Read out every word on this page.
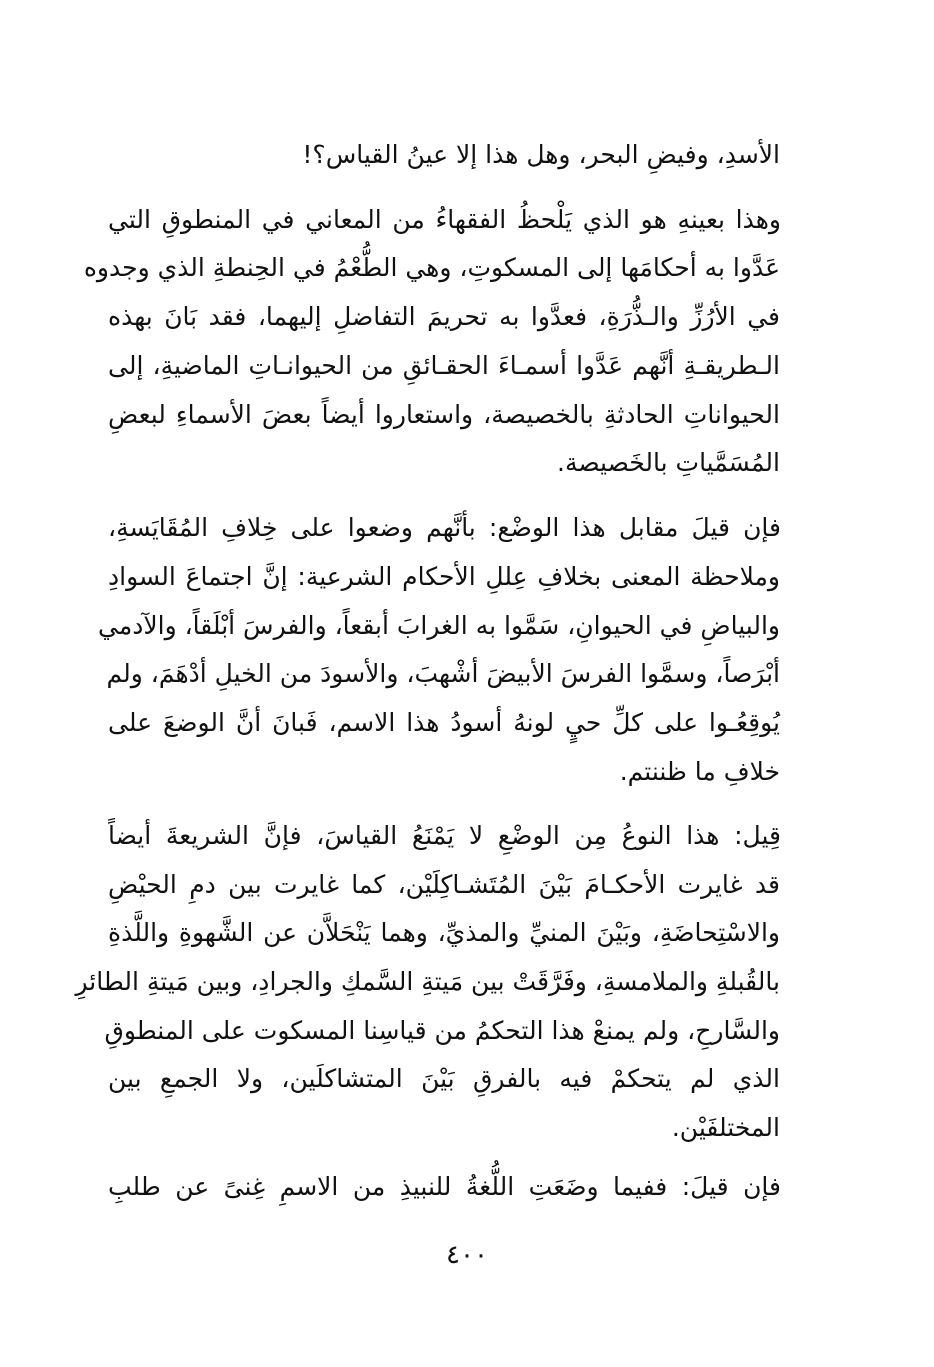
الأسدِ، وفيضِ البحر، وهل هذا إلا عينُ القياس؟!
وهذا بعينهِ هو الذي يَلْحظُ الفقهاءُ من المعاني في المنطوقِ التي
عَدَّوا به أحكامَها إلى المسكوتِ، وهي الطُّعْمُ في الحِنطةِ الذي وجدوه
في الأرُزِّ والـذُّرَةِ، فعدَّوا به تحريمَ التفاضلِ إليهما، فقد بَانَ بهذه
الـطريقـةِ أنَّهم عَدَّوا أسمـاءَ الحقـائقِ من الحيوانـاتِ الماضيةِ، إلى
الحيواناتِ الحادثةِ بالخصيصة، واستعاروا أيضاً بعضَ الأسماءِ لبعضِ
المُسَمَّياتِ بالخَصيصة.
فإن قيلَ مقابل هذا الوضْع: بأنَّهم وضعوا على خِلافِ المُقَايَسةِ،
وملاحظة المعنى بخلافِ عِللِ الأحكام الشرعية: إنَّ اجتماعَ السوادِ
والبياضِ في الحيوانِ، سَمَّوا به الغرابَ أبقعاً، والفرسَ أبْلَقاً، والآدمي
أبْرَصاً، وسمَّوا الفرسَ الأبيضَ أشْهبَ، والأسودَ من الخيلِ أدْهَمَ، ولم
يُوقِعُـوا على كلِّ حيٍ لونهُ أسودُ هذا الاسم، فَبانَ أنَّ الوضعَ على
خلافِ ما ظننتم.
قِيل: هذا النوعُ مِن الوضْعِ لا يَمْنَعُ القياسَ، فإنَّ الشريعةَ أيضاً
قد غايرت الأحكـامَ بَيْنَ المُتَشـاكِلَيْن، كما غايرت بين دمِ الحيْضِ
والاسْتِحاضَةِ، وبَيْنَ المنيِّ والمذيِّ، وهما يَنْحَلاَّن عن الشَّهوةِ واللَّذةِ
بالقُبلةِ والملامسةِ، وفَرَّقَتْ بين مَيتةِ السَّمكِ والجرادِ، وبين مَيتةِ الطائرِ
والسَّارحِ، ولم يمنعْ هذا التحكمُ من قياسِنا المسكوت على المنطوقِ
الذي لم يتحكمْ فيه بالفرقِ بَيْنَ المتشاكلَين، ولا الجمعِ بين
المختلفَيْن.
فإن قيلَ: ففيما وضَعَتِ اللُّغةُ للنبيذِ من الاسمِ غِنىً عن طلبِ
٤٠٠
